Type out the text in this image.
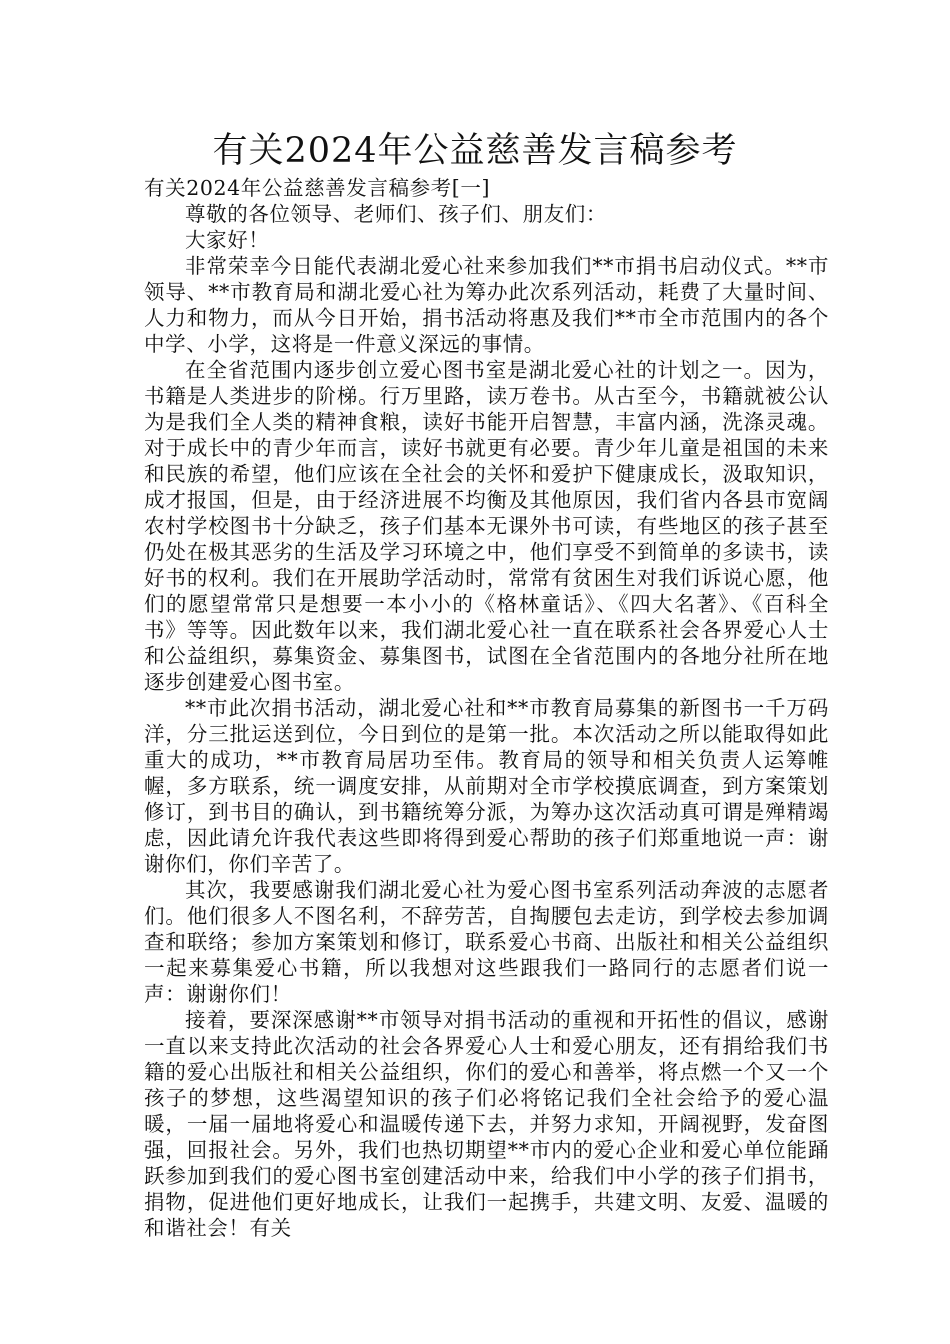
有关2024年公益慈善发言稿参考

有关2024年公益慈善发言稿参考[一]

尊敬的各位领导、老师们、孩子们、朋友们：

大家好！

非常荣幸今日能代表湖北爱心社来参加我们**市捐书启动仪式。**市领导、**市教育局和湖北爱心社为筹办此次系列活动，耗费了大量时间、人力和物力，而从今日开始，捐书活动将惠及我们**市全市范围内的各个中学、小学，这将是一件意义深远的事情。

在全省范围内逐步创立爱心图书室是湖北爱心社的计划之一。因为，书籍是人类进步的阶梯。行万里路，读万卷书。从古至今，书籍就被公认为是我们全人类的精神食粮，读好书能开启智慧，丰富内涵，洗涤灵魂。对于成长中的青少年而言，读好书就更有必要。青少年儿童是祖国的未来和民族的希望，他们应该在全社会的关怀和爱护下健康成长，汲取知识，成才报国，但是，由于经济进展不均衡及其他原因，我们省内各县市宽阔农村学校图书十分缺乏，孩子们基本无课外书可读，有些地区的孩子甚至仍处在极其恶劣的生活及学习环境之中，他们享受不到简单的多读书，读好书的权利。我们在开展助学活动时，常常有贫困生对我们诉说心愿，他们的愿望常常只是想要一本小小的《格林童话》、《四大名著》、《百科全书》等等。因此数年以来，我们湖北爱心社一直在联系社会各界爱心人士和公益组织，募集资金、募集图书，试图在全省范围内的各地分社所在地逐步创建爱心图书室。

**市此次捐书活动，湖北爱心社和**市教育局募集的新图书一千万码洋，分三批运送到位，今日到位的是第一批。本次活动之所以能取得如此重大的成功，**市教育局居功至伟。教育局的领导和相关负责人运筹帷幄，多方联系，统一调度安排，从前期对全市学校摸底调查，到方案策划修订，到书目的确认，到书籍统筹分派，为筹办这次活动真可谓是殚精竭虑，因此请允许我代表这些即将得到爱心帮助的孩子们郑重地说一声：谢谢你们，你们辛苦了。

其次，我要感谢我们湖北爱心社为爱心图书室系列活动奔波的志愿者们。他们很多人不图名利，不辞劳苦，自掏腰包去走访，到学校去参加调查和联络；参加方案策划和修订，联系爱心书商、出版社和相关公益组织一起来募集爱心书籍，所以我想对这些跟我们一路同行的志愿者们说一声：谢谢你们！

接着，要深深感谢**市领导对捐书活动的重视和开拓性的倡议，感谢一直以来支持此次活动的社会各界爱心人士和爱心朋友，还有捐给我们书籍的爱心出版社和相关公益组织，你们的爱心和善举，将点燃一个又一个孩子的梦想，这些渴望知识的孩子们必将铭记我们全社会给予的爱心温暖，一届一届地将爱心和温暖传递下去，并努力求知，开阔视野，发奋图强，回报社会。另外，我们也热切期望**市内的爱心企业和爱心单位能踊跃参加到我们的爱心图书室创建活动中来，给我们中小学的孩子们捐书，捐物，促进他们更好地成长，让我们一起携手，共建文明、友爱、温暖的和谐社会！有关
